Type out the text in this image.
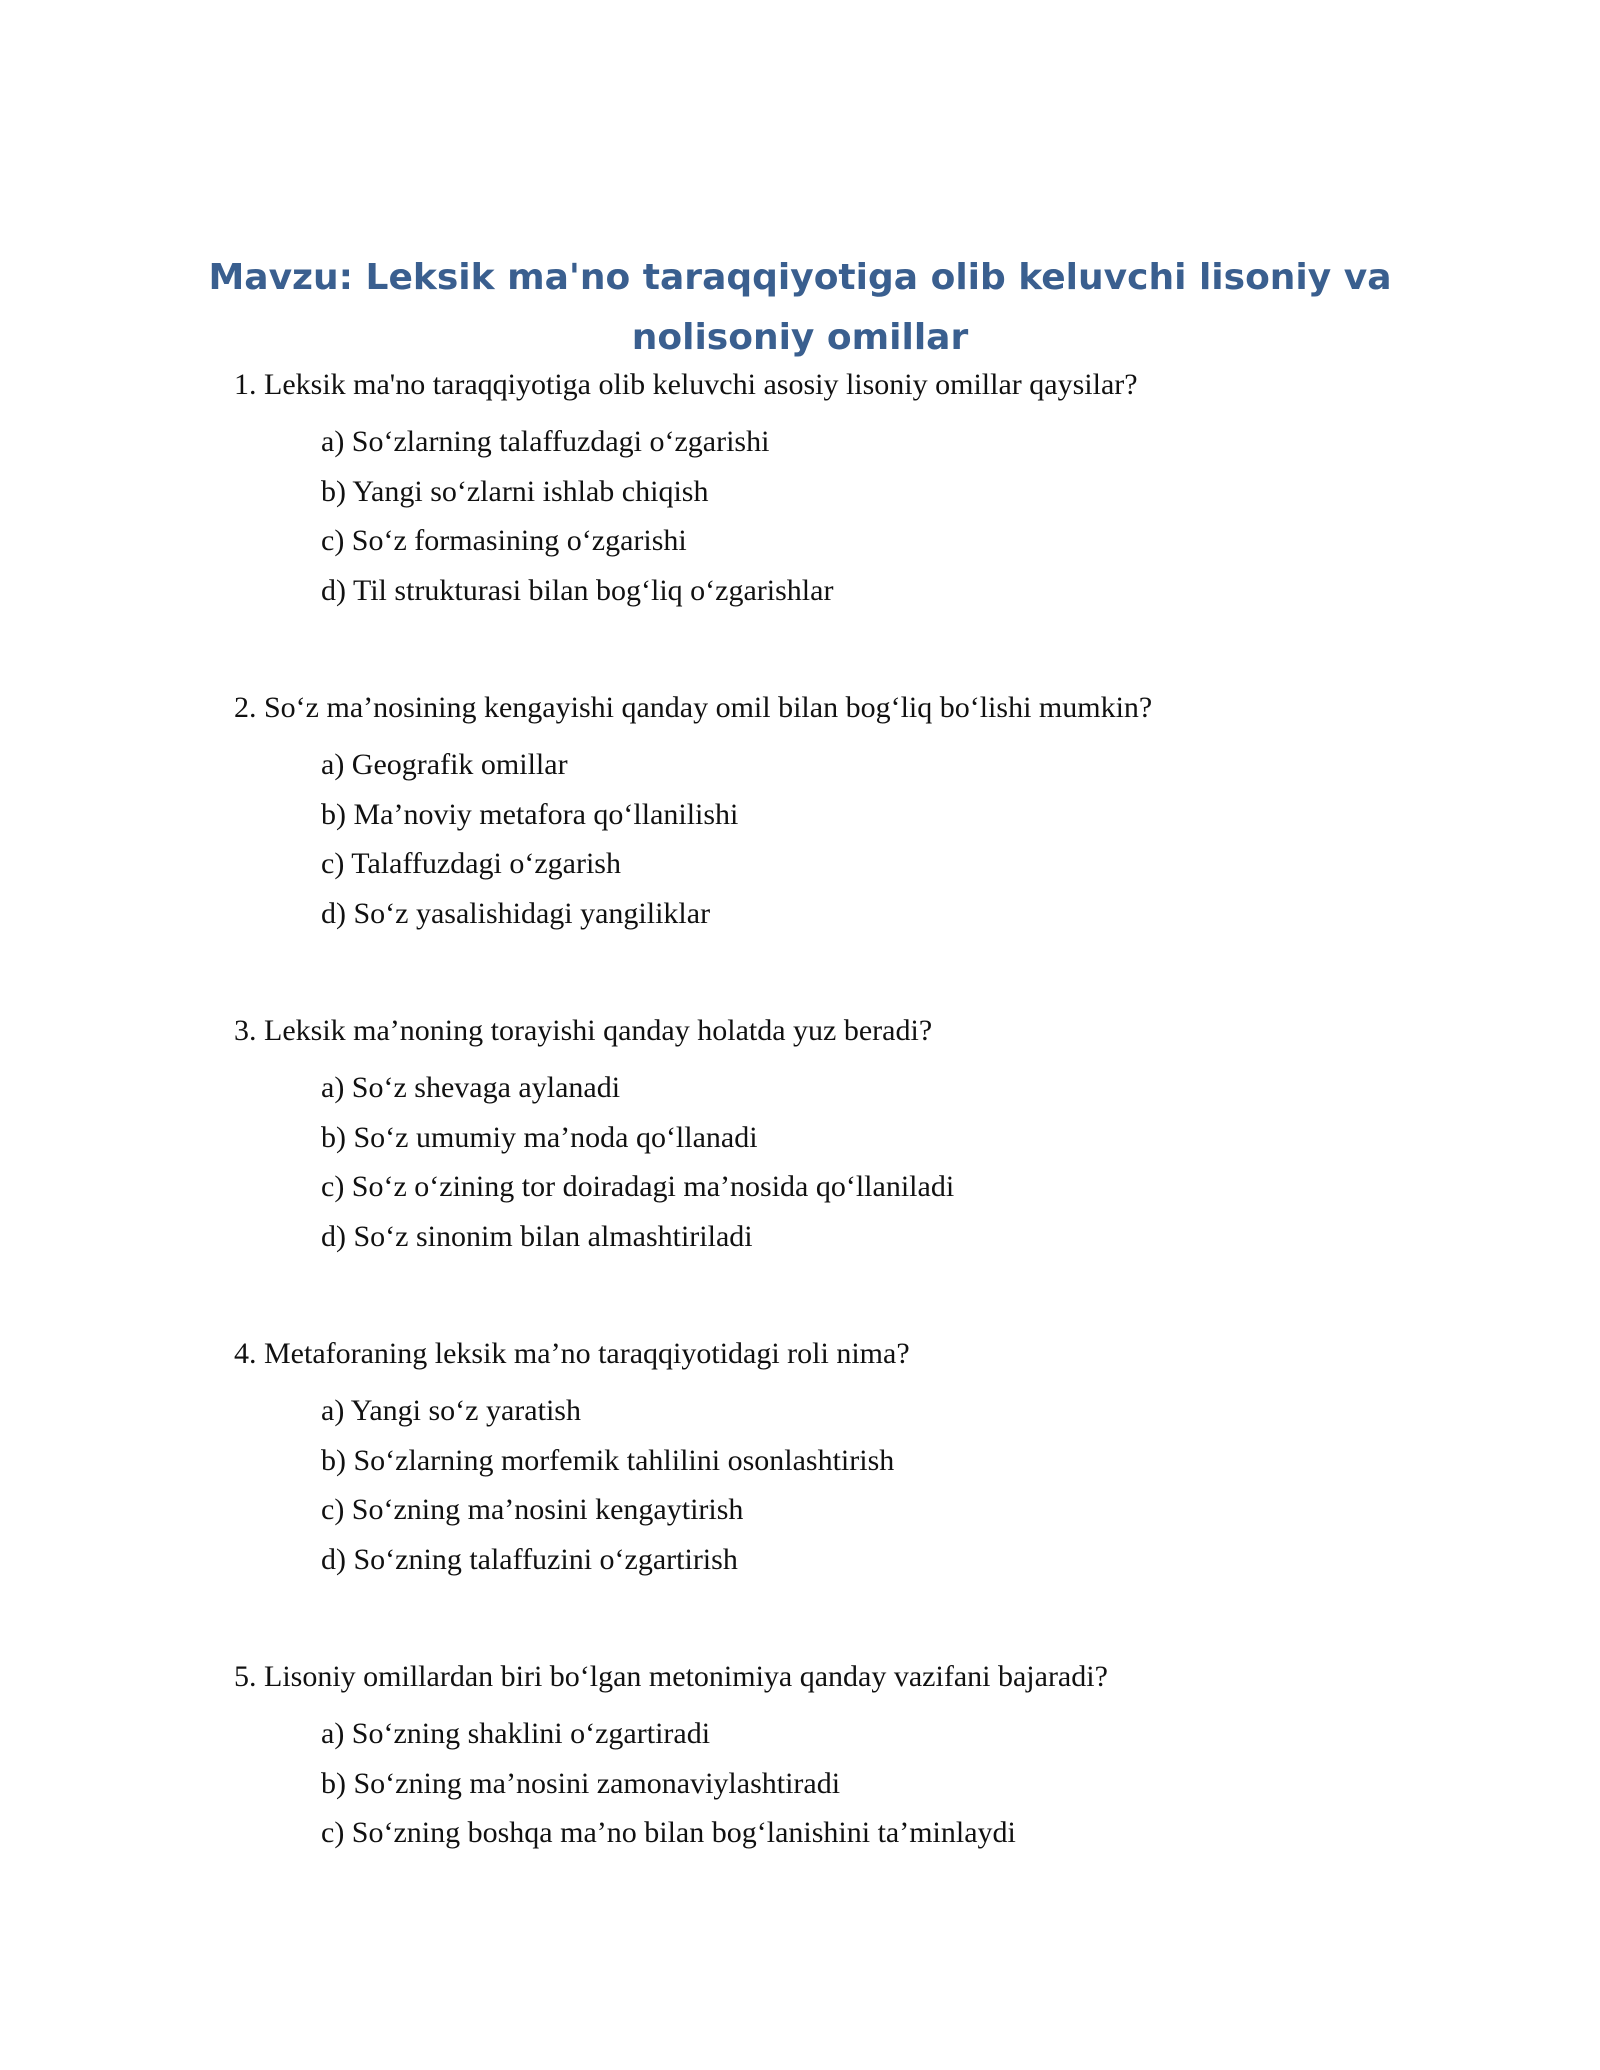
Mavzu: Leksik ma'no taraqqiyotiga olib keluvchi lisoniy va
nolisoniy omillar
1. Leksik ma'no taraqqiyotiga olib keluvchi asosiy lisoniy omillar qaysilar?
a) So‘zlarning talaffuzdagi o‘zgarishi
b) Yangi so‘zlarni ishlab chiqish
c) So‘z formasining o‘zgarishi
d) Til strukturasi bilan bog‘liq o‘zgarishlar
2. So‘z ma’nosining kengayishi qanday omil bilan bog‘liq bo‘lishi mumkin?
a) Geografik omillar
b) Ma’noviy metafora qo‘llanilishi
c) Talaffuzdagi o‘zgarish
d) So‘z yasalishidagi yangiliklar
3. Leksik ma’noning torayishi qanday holatda yuz beradi?
a) So‘z shevaga aylanadi
b) So‘z umumiy ma’noda qo‘llanadi
c) So‘z o‘zining tor doiradagi ma’nosida qo‘llaniladi
d) So‘z sinonim bilan almashtiriladi
4. Metaforaning leksik ma’no taraqqiyotidagi roli nima?
a) Yangi so‘z yaratish
b) So‘zlarning morfemik tahlilini osonlashtirish
c) So‘zning ma’nosini kengaytirish
d) So‘zning talaffuzini o‘zgartirish
5. Lisoniy omillardan biri bo‘lgan metonimiya qanday vazifani bajaradi?
a) So‘zning shaklini o‘zgartiradi
b) So‘zning ma’nosini zamonaviylashtiradi
c) So‘zning boshqa ma’no bilan bog‘lanishini ta’minlaydi
